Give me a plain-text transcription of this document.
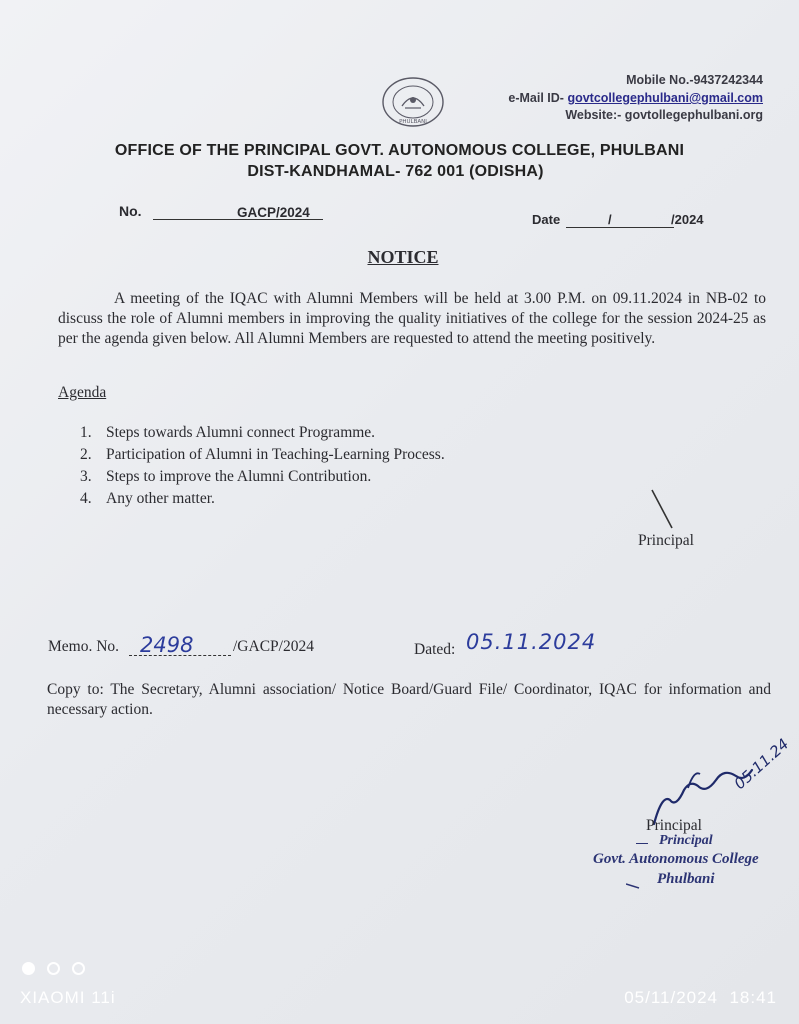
Mobile No.-9437242344
e-Mail ID- govtcollegephulbani@gmail.com
Website:- govtollegephulbani.org
PHULBANI
OFFICE OF THE PRINCIPAL GOVT. AUTONOMOUS COLLEGE, PHULBANI
DIST-KANDHAMAL- 762 001 (ODISHA)
No.	GACP/2024	Date	/	/2024
NOTICE
A meeting of the IQAC with Alumni Members will be held at 3.00 P.M. on 09.11.2024 in NB-02 to discuss the role of Alumni members in improving the quality initiatives of the college for the session 2024-25 as per the agenda given below. All Alumni Members are requested to attend the meeting positively.
Agenda
1. Steps towards Alumni connect Programme.
2. Participation of Alumni in Teaching-Learning Process.
3. Steps to improve the Alumni Contribution.
4. Any other matter.
Principal
Memo. No. 2498	/GACP/2024	Dated: 05.11.2024
Copy to: The Secretary, Alumni association/ Notice Board/Guard File/ Coordinator, IQAC for information and necessary action.
05.11.24
Principal
Principal
Govt. Autonomous College
Phulbani
XIAOMI 11i	05/11/2024  18:41
